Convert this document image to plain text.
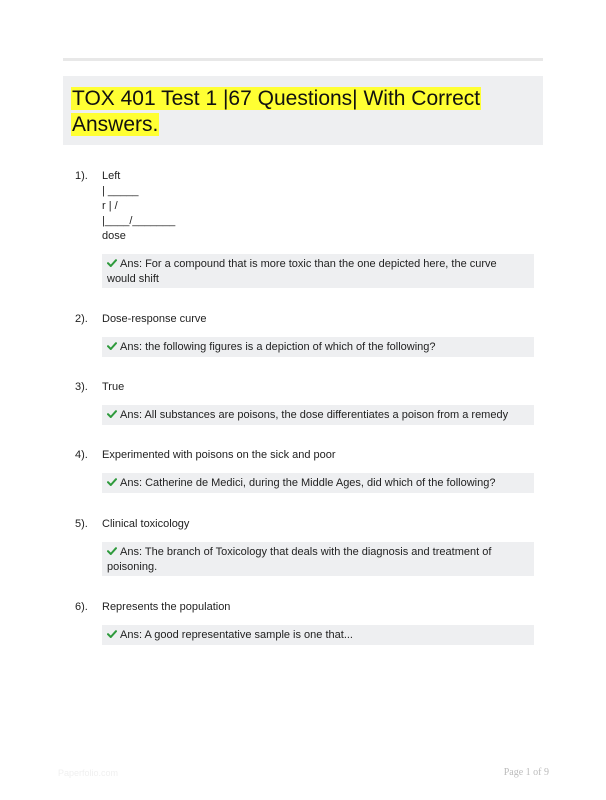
TOX 401 Test 1 |67 Questions| With Correct Answers.
1). Left
| _____
r | /
|____/_______
dose
Ans: For a compound that is more toxic than the one depicted here, the curve would shift
2). Dose-response curve
Ans: the following figures is a depiction of which of the following?
3). True
Ans: All substances are poisons, the dose differentiates a poison from a remedy
4). Experimented with poisons on the sick and poor
Ans: Catherine de Medici, during the Middle Ages, did which of the following?
5). Clinical toxicology
Ans: The branch of Toxicology that deals with the diagnosis and treatment of poisoning.
6). Represents the population
Ans: A good representative sample is one that...
Paperfolio.com	Page 1 of 9
